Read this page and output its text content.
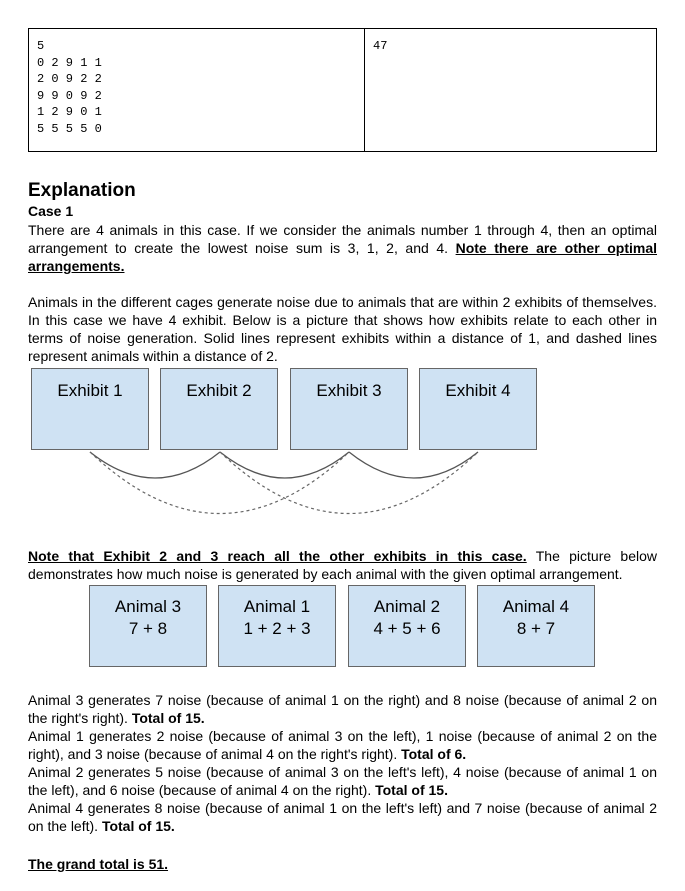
5
0 2 9 1 1
2 0 9 2 2
9 9 0 9 2
1 2 9 0 1
5 5 5 5 0
47
Explanation
Case 1

There are 4 animals in this case. If we consider the animals number 1 through 4, then an optimal arrangement to create the lowest noise sum is 3, 1, 2, and 4. Note there are other optimal arrangements.

Animals in the different cages generate noise due to animals that are within 2 exhibits of themselves. In this case we have 4 exhibit. Below is a picture that shows how exhibits relate to each other in terms of noise generation. Solid lines represent exhibits within a distance of 1, and dashed lines represent animals within a distance of 2.

Exhibit 1	Exhibit 2	Exhibit 3	Exhibit 4

Note that Exhibit 2 and 3 reach all the other exhibits in this case. The picture below demonstrates how much noise is generated by each animal with the given optimal arrangement.

Animal 3
7 + 8
Animal 1
1 + 2 + 3
Animal 2
4 + 5 + 6
Animal 4
8 + 7

Animal 3 generates 7 noise (because of animal 1 on the right) and 8 noise (because of animal 2 on the right's right). Total of 15.

Animal 1 generates 2 noise (because of animal 3 on the left), 1 noise (because of animal 2 on the right), and 3 noise (because of animal 4 on the right's right). Total of 6.

Animal 2 generates 5 noise (because of animal 3 on the left's left), 4 noise (because of animal 1 on the left), and 6 noise (because of animal 4 on the right). Total of 15.

Animal 4 generates 8 noise (because of animal 1 on the left's left) and 7 noise (because of animal 2 on the left). Total of 15.

The grand total is 51.
